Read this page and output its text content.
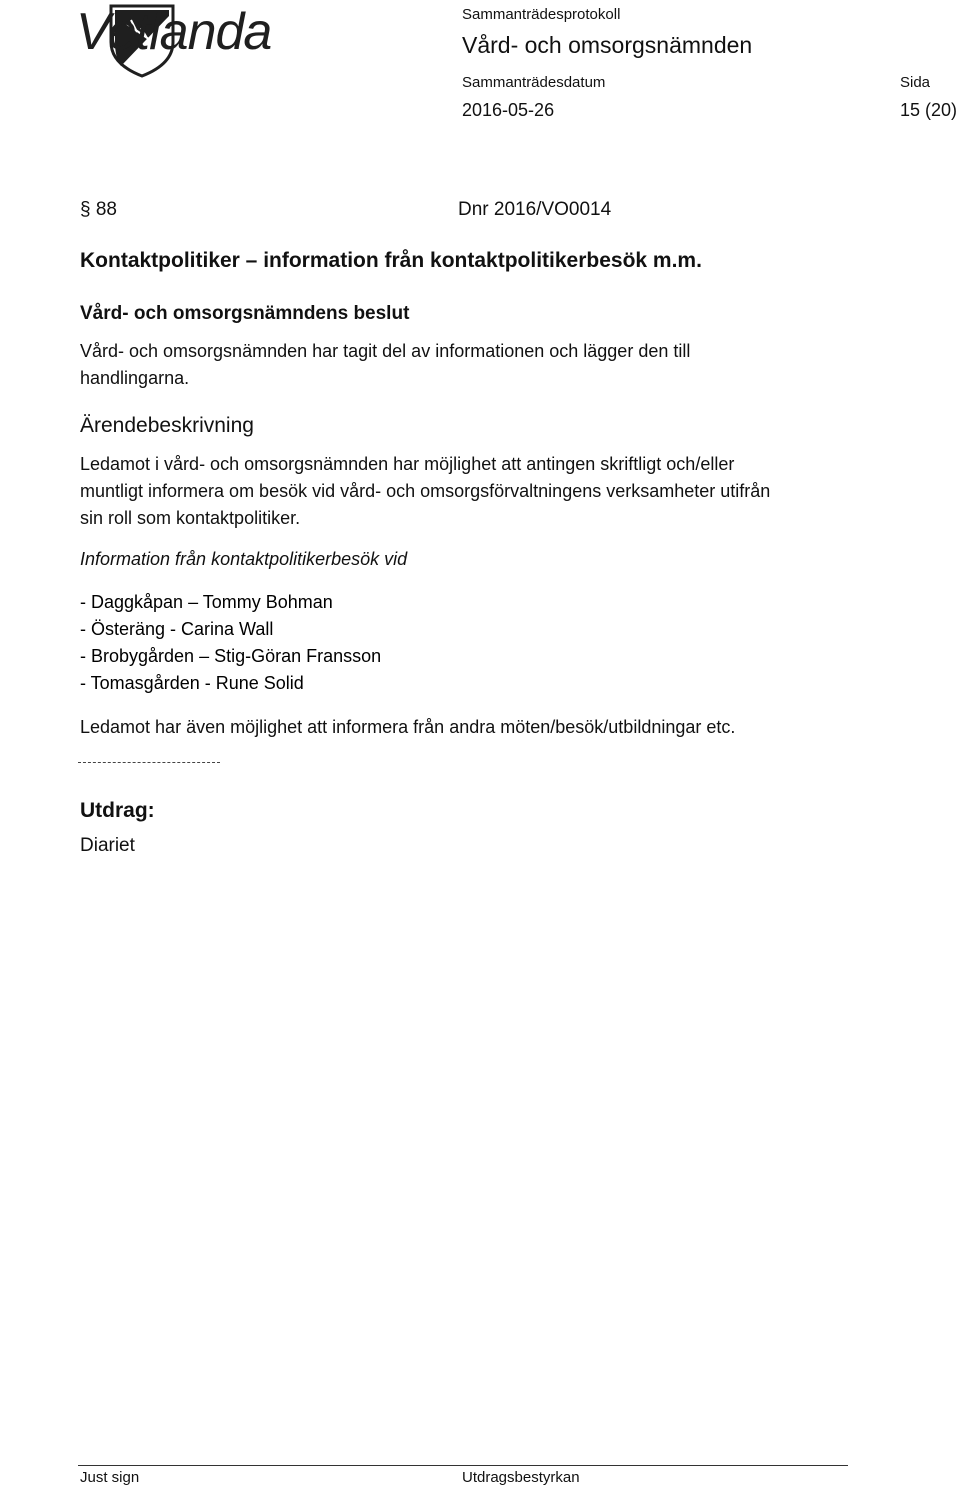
Vetlanda	Sammanträdesprotokoll
Vård- och omsorgsnämnden
Sammanträdesdatum	Sida
2016-05-26	15 (20)
§ 88	Dnr 2016/VO0014
Kontaktpolitiker – information från kontaktpolitikerbesök m.m.
Vård- och omsorgsnämndens beslut
Vård- och omsorgsnämnden har tagit del av informationen och lägger den till
handlingarna.
Ärendebeskrivning
Ledamot i vård- och omsorgsnämnden har möjlighet att antingen skriftligt och/eller
muntligt informera om besök vid vård- och omsorgsförvaltningens verksamheter utifrån
sin roll som kontaktpolitiker.
Information från kontaktpolitikerbesök vid
- Daggkåpan – Tommy Bohman
- Österäng - Carina Wall
- Brobygården – Stig-Göran Fransson
- Tomasgården - Rune Solid
Ledamot har även möjlighet att informera från andra möten/besök/utbildningar etc.
Utdrag:
Diariet
Just sign	Utdragsbestyrkan
